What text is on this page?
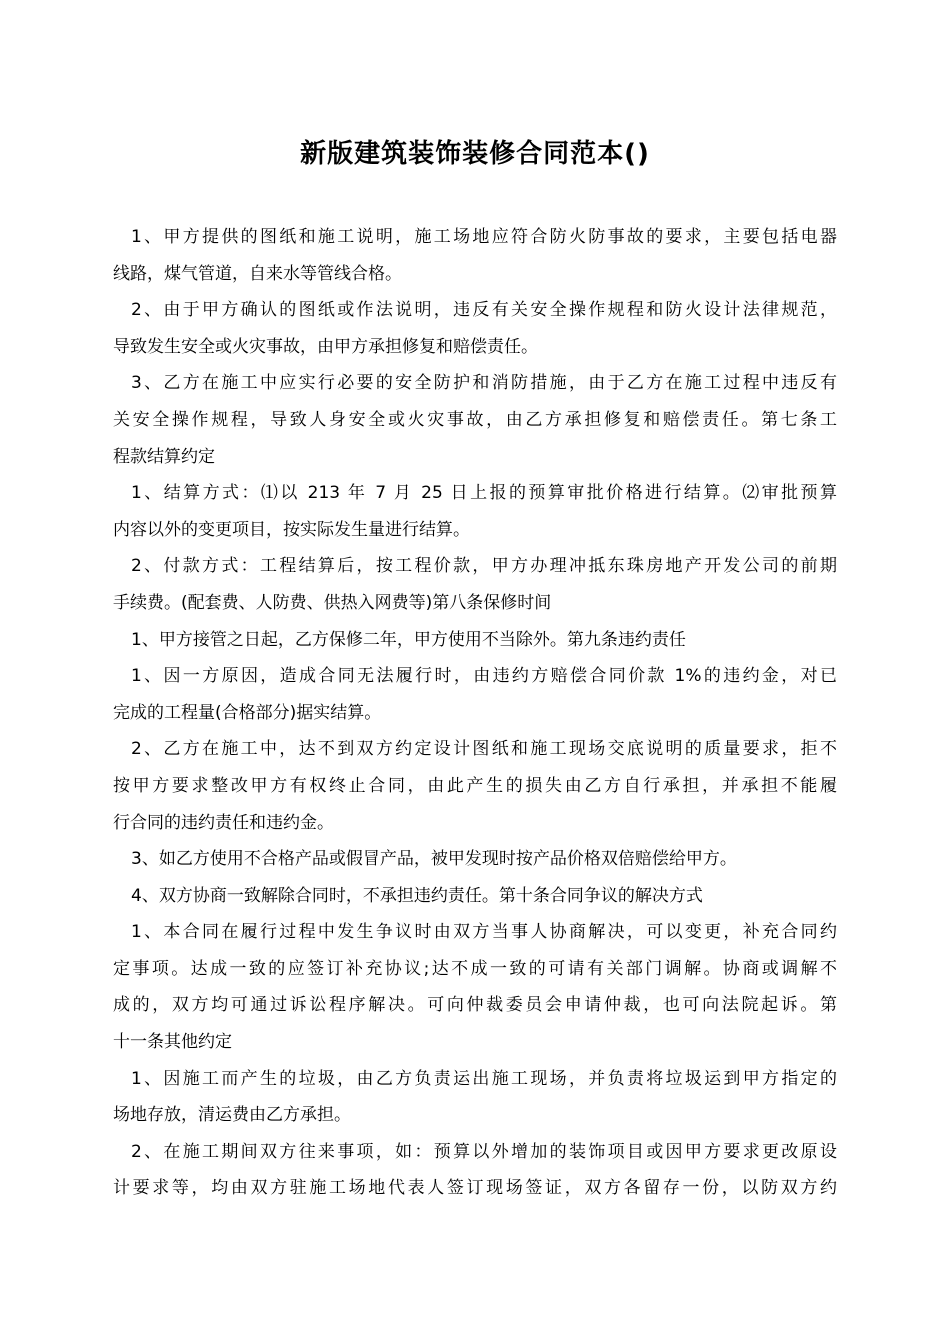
新版建筑装饰装修合同范本()
1、甲方提供的图纸和施工说明，施工场地应符合防火防事故的要求，主要包括电器
线路，煤气管道，自来水等管线合格。
2、由于甲方确认的图纸或作法说明，违反有关安全操作规程和防火设计法律规范，
导致发生安全或火灾事故，由甲方承担修复和赔偿责任。
3、乙方在施工中应实行必要的安全防护和消防措施，由于乙方在施工过程中违反有
关安全操作规程，导致人身安全或火灾事故，由乙方承担修复和赔偿责任。第七条工
程款结算约定
1、结算方式：⑴以 213 年 7 月 25 日上报的预算审批价格进行结算。⑵审批预算
内容以外的变更项目，按实际发生量进行结算。
2、付款方式：工程结算后，按工程价款，甲方办理冲抵东珠房地产开发公司的前期
手续费。(配套费、人防费、供热入网费等)第八条保修时间
1、甲方接管之日起，乙方保修二年，甲方使用不当除外。第九条违约责任
1、因一方原因，造成合同无法履行时，由违约方赔偿合同价款 1%的违约金，对已
完成的工程量(合格部分)据实结算。
2、乙方在施工中，达不到双方约定设计图纸和施工现场交底说明的质量要求，拒不
按甲方要求整改甲方有权终止合同，由此产生的损失由乙方自行承担，并承担不能履
行合同的违约责任和违约金。
3、如乙方使用不合格产品或假冒产品，被甲发现时按产品价格双倍赔偿给甲方。
4、双方协商一致解除合同时，不承担违约责任。第十条合同争议的解决方式
1、本合同在履行过程中发生争议时由双方当事人协商解决，可以变更，补充合同约
定事项。达成一致的应签订补充协议;达不成一致的可请有关部门调解。协商或调解不
成的，双方均可通过诉讼程序解决。可向仲裁委员会申请仲裁，也可向法院起诉。第
十一条其他约定
1、因施工而产生的垃圾，由乙方负责运出施工现场，并负责将垃圾运到甲方指定的
场地存放，清运费由乙方承担。
2、在施工期间双方往来事项，如：预算以外增加的装饰项目或因甲方要求更改原设
计要求等，均由双方驻施工场地代表人签订现场签证，双方各留存一份，以防双方约
